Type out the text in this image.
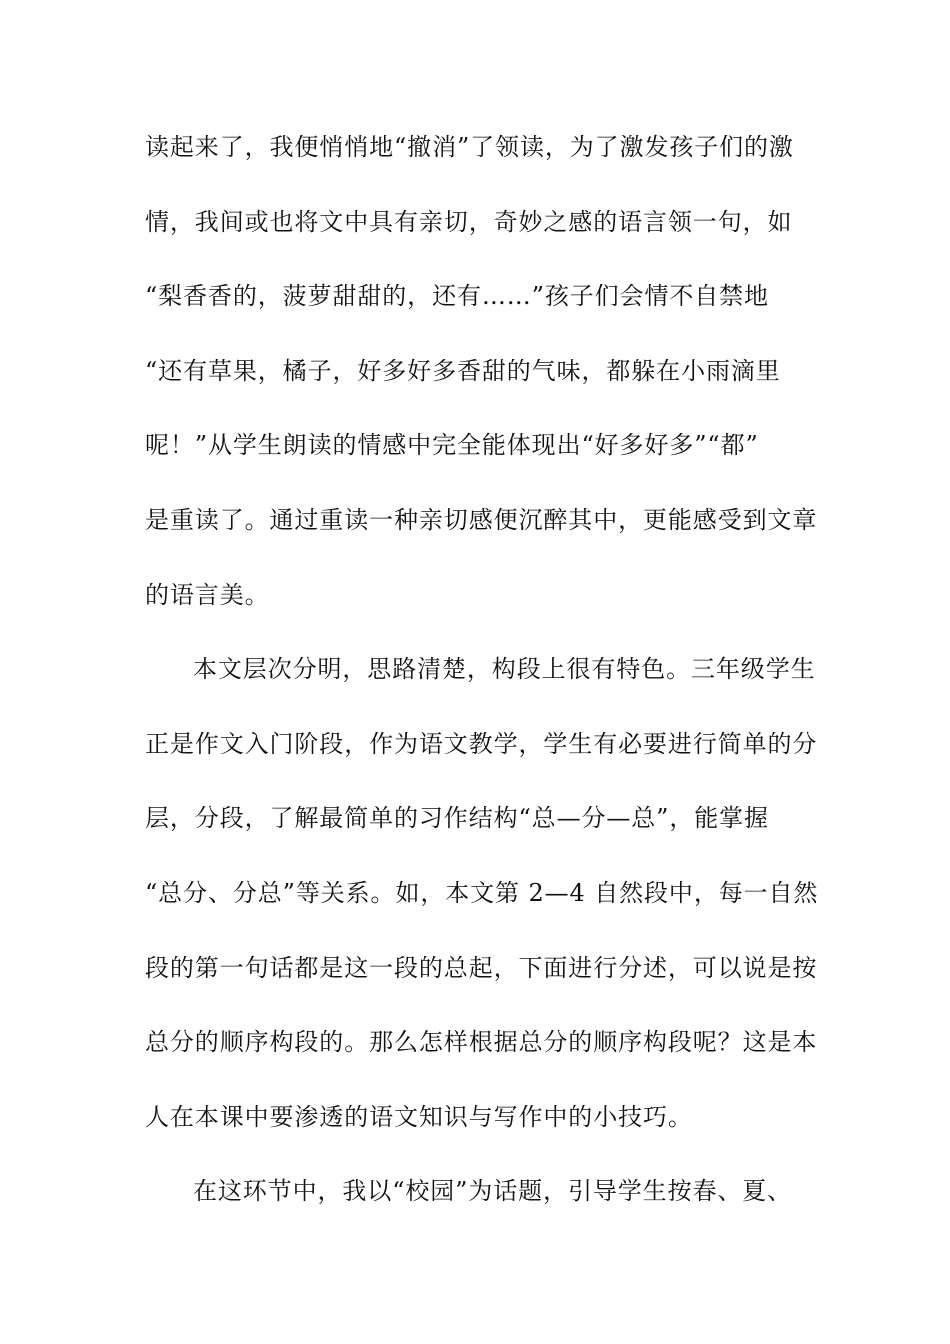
读起来了，我便悄悄地“撤消”了领读，为了激发孩子们的激
情，我间或也将文中具有亲切，奇妙之感的语言领一句，如
“梨香香的，菠萝甜甜的，还有……”孩子们会情不自禁地
“还有草果，橘子，好多好多香甜的气味，都躲在小雨滴里
呢！”从学生朗读的情感中完全能体现出“好多好多”“都”
是重读了。通过重读一种亲切感便沉醉其中，更能感受到文章
的语言美。
本文层次分明，思路清楚，构段上很有特色。三年级学生
正是作文入门阶段，作为语文教学，学生有必要进行简单的分
层，分段，了解最简单的习作结构“总—分—总”，能掌握
“总分、分总”等关系。如，本文第 2—4 自然段中，每一自然
段的第一句话都是这一段的总起，下面进行分述，可以说是按
总分的顺序构段的。那么怎样根据总分的顺序构段呢？这是本
人在本课中要渗透的语文知识与写作中的小技巧。
在这环节中，我以“校园”为话题，引导学生按春、夏、
